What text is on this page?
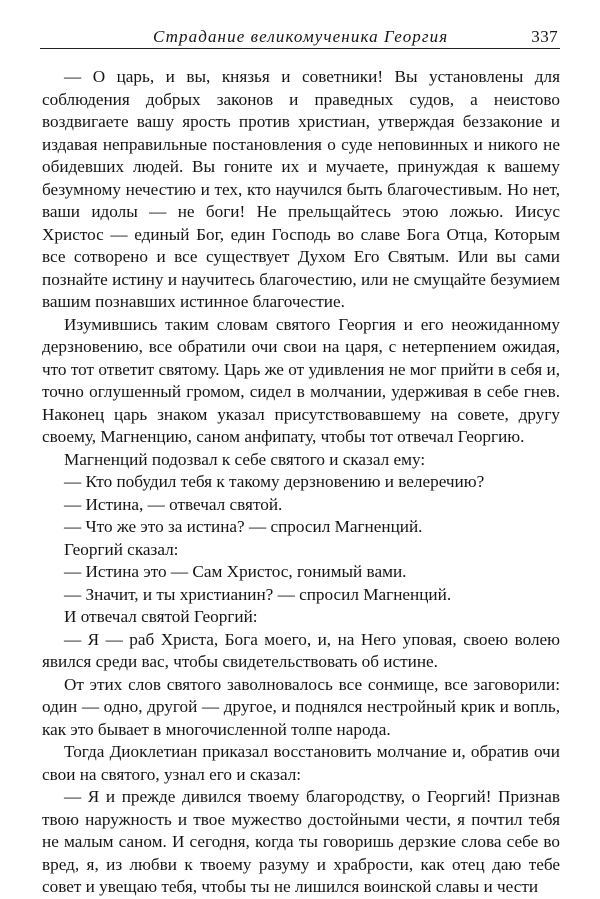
Страдание великомученика Георгия	337

— О царь, и вы, князья и советники! Вы установлены для соблюдения добрых законов и праведных судов, а неистово воздвигаете вашу ярость против христиан, утверждая беззаконие и издавая неправильные постановления о суде неповинных и никого не обидевших людей. Вы гоните их и мучаете, принуждая к вашему безумному нечестию и тех, кто научился быть благочестивым. Но нет, ваши идолы — не боги! Не прельщайтесь этою ложью. Иисус Христос — единый Бог, един Господь во славе Бога Отца, Которым все сотворено и все существует Духом Его Святым. Или вы сами познайте истину и научитесь благочестию, или не смущайте безумием вашим познавших истинное благочестие.

Изумившись таким словам святого Георгия и его неожиданному дерзновению, все обратили очи свои на царя, с нетерпением ожидая, что тот ответит святому. Царь же от удивления не мог прийти в себя и, точно оглушенный громом, сидел в молчании, удерживая в себе гнев. Наконец царь знаком указал присутствовавшему на совете, другу своему, Магненцию, саном анфипату, чтобы тот отвечал Георгию.

Магненций подозвал к себе святого и сказал ему:

— Кто побудил тебя к такому дерзновению и велеречию?

— Истина, — отвечал святой.

— Что же это за истина? — спросил Магненций.

Георгий сказал:

— Истина это — Сам Христос, гонимый вами.

— Значит, и ты христианин? — спросил Магненций.

И отвечал святой Георгий:

— Я — раб Христа, Бога моего, и, на Него уповая, своею волею явился среди вас, чтобы свидетельствовать об истине.

От этих слов святого заволновалось все сонмище, все заговорили: один — одно, другой — другое, и поднялся нестройный крик и вопль, как это бывает в многочисленной толпе народа.

Тогда Диоклетиан приказал восстановить молчание и, обратив очи свои на святого, узнал его и сказал:

— Я и прежде дивился твоему благородству, о Георгий! Признав твою наружность и твое мужество достойными чести, я почтил тебя не малым саном. И сегодня, когда ты говоришь дерзкие слова себе во вред, я, из любви к твоему разуму и храбрости, как отец даю тебе совет и увещаю тебя, чтобы ты не лишился воинской славы и чести
